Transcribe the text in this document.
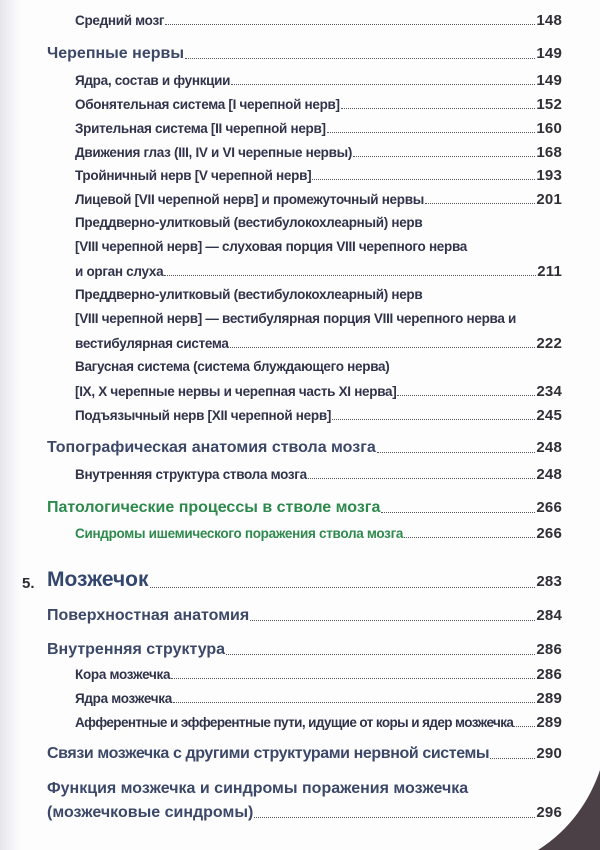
Средний мозг	148
Черепные нервы	149
Ядра, состав и функции	149
Обонятельная система [I черепной нерв]	152
Зрительная система [II черепной нерв]	160
Движения глаз (III, IV и VI черепные нервы)	168
Тройничный нерв [V черепной нерв]	193
Лицевой [VII черепной нерв] и промежуточный нервы	201
Преддверно-улитковый (вестибулокохлеарный) нерв
[VIII черепной нерв] — слуховая порция VIII черепного нерва
и орган слуха	211
Преддверно-улитковый (вестибулокохлеарный) нерв
[VIII черепной нерв] — вестибулярная порция VIII черепного нерва и
вестибулярная система	222
Вагусная система (система блуждающего нерва)
[IX, X черепные нервы и черепная часть XI нерва]	234
Подъязычный нерв [XII черепной нерв]	245
Топографическая анатомия ствола мозга	248
Внутренняя структура ствола мозга	248
Патологические процессы в стволе мозга	266
Синдромы ишемического поражения ствола мозга	266
5. Мозжечок	283
Поверхностная анатомия	284
Внутренняя структура	286
Кора мозжечка	286
Ядра мозжечка	289
Афферентные и эфферентные пути, идущие от коры и ядер мозжечка 289
Связи мозжечка с другими структурами нервной системы	290
Функция мозжечка и синдромы поражения мозжечка
(мозжечковые синдромы)	296
